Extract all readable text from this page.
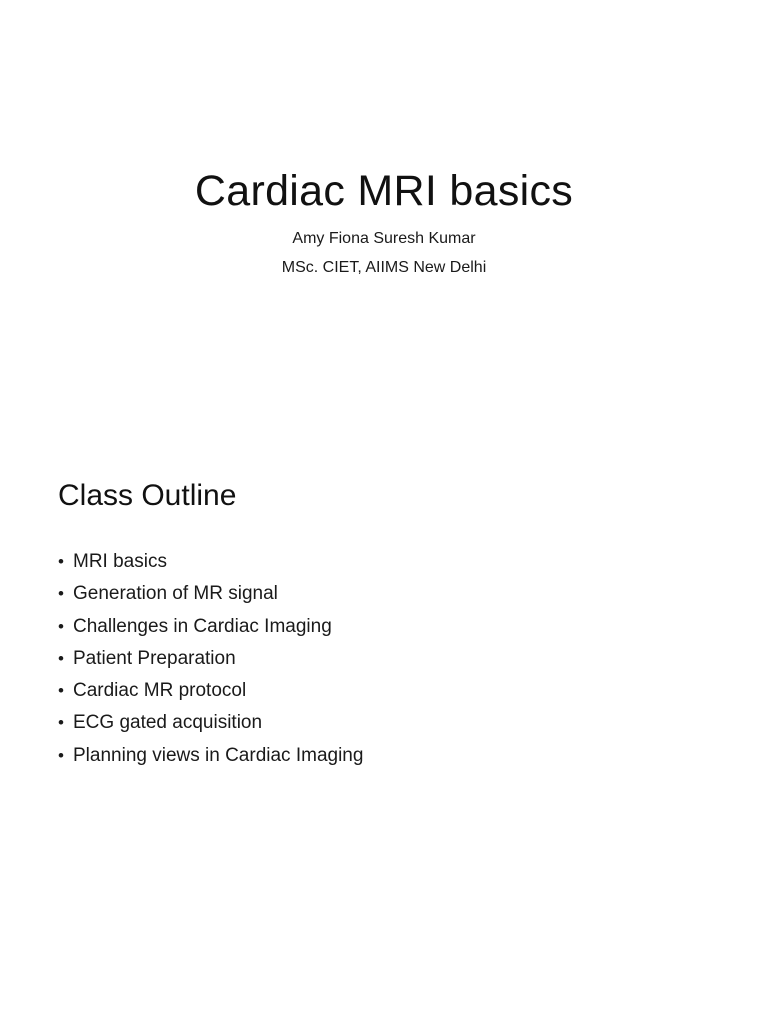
Cardiac MRI basics
Amy Fiona Suresh Kumar
MSc. CIET, AIIMS New Delhi
Class Outline
• MRI basics
• Generation of MR signal
• Challenges in Cardiac Imaging
• Patient Preparation
• Cardiac MR protocol
• ECG gated acquisition
• Planning views in Cardiac Imaging
